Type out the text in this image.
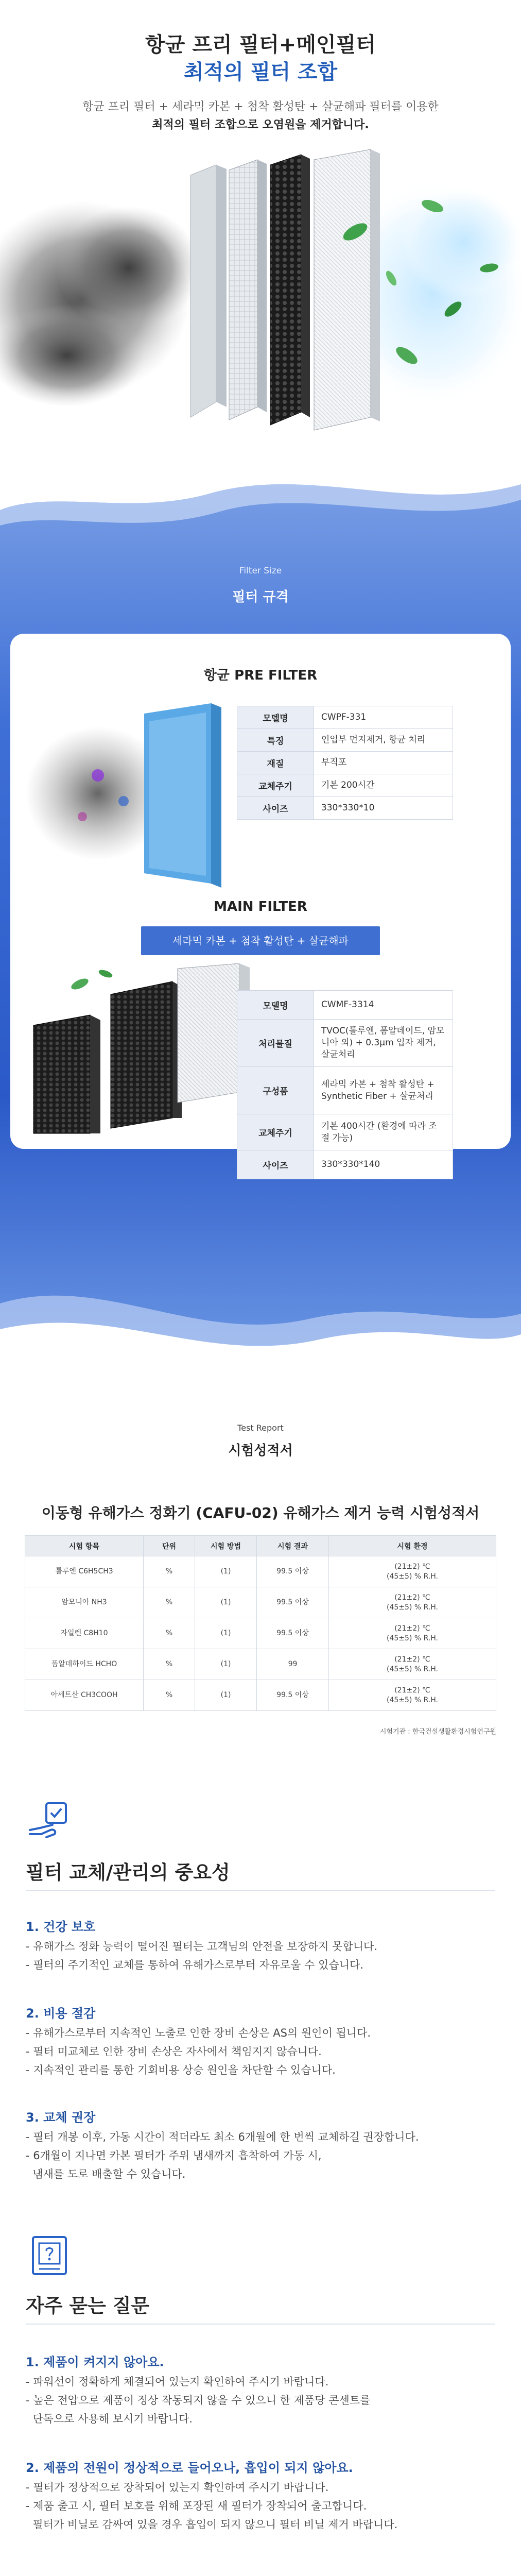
항균 프리 필터+메인필터
최적의 필터 조합
항균 프리 필터 + 세라믹 카본 + 첨착 활성탄 + 살균해파 필터를 이용한
최적의 필터 조합으로 오염원을 제거합니다.
Filter Size
필터 규격
항균 PRE FILTER
모델명	CWPF-331
특징	인입부 먼지제거, 항균 처리
재질	부직포
교체주기	기본 200시간
사이즈	330*330*10
MAIN FILTER
세라믹 카본 + 첨착 활성탄 + 살균해파
모델명	CWMF-3314
처리물질	TVOC(톨루엔, 폼알데이드, 암모니아 외) + 0.3μm 입자 제거, 살균처리
구성품	세라믹 카본 + 첨착 활성탄 + Synthetic Fiber + 살균처리
교체주기	기본 400시간 (환경에 따라 조절 가능)
사이즈	330*330*140
Test Report
시험성적서
이동형 유해가스 정화기 (CAFU-02) 유해가스 제거 능력 시험성적서
시험 항목	단위	시험 방법	시험 결과	시험 환경
톨루엔 C6H5CH3	%	(1)	99.5 이상	(21±2) ℃
(45±5) % R.H.
암모니아 NH3	%	(1)	99.5 이상	(21±2) ℃
(45±5) % R.H.
자일렌 C8H10	%	(1)	99.5 이상	(21±2) ℃
(45±5) % R.H.
폼알데하이드 HCHO	%	(1)	99	(21±2) ℃
(45±5) % R.H.
아세트산 CH3COOH	%	(1)	99.5 이상	(21±2) ℃
(45±5) % R.H.
시험기관 : 한국건설생활환경시험연구원
필터 교체/관리의 중요성
1. 건강 보호
- 유해가스 정화 능력이 떨어진 필터는 고객님의 안전을 보장하지 못합니다.
- 필터의 주기적인 교체를 통하여 유해가스로부터 자유로울 수 있습니다.
2. 비용 절감
- 유해가스로부터 지속적인 노출로 인한 장비 손상은 AS의 원인이 됩니다.
- 필터 미교체로 인한 장비 손상은 자사에서 책임지지 않습니다.
- 지속적인 관리를 통한 기회비용 상승 원인을 차단할 수 있습니다.
3. 교체 권장
- 필터 개봉 이후, 가동 시간이 적더라도 최소 6개월에 한 번씩 교체하길 권장합니다.
- 6개월이 지나면 카본 필터가 주위 냄새까지 흡착하여 가동 시,
냄새를 도로 배출할 수 있습니다.
자주 묻는 질문
1. 제품이 켜지지 않아요.
- 파워선이 정확하게 체결되어 있는지 확인하여 주시기 바랍니다.
- 높은 전압으로 제품이 정상 작동되지 않을 수 있으니 한 제품당 콘센트를
단독으로 사용해 보시기 바랍니다.
2. 제품의 전원이 정상적으로 들어오나, 흡입이 되지 않아요.
- 필터가 정상적으로 장착되어 있는지 확인하여 주시기 바랍니다.
- 제품 출고 시, 필터 보호를 위해 포장된 새 필터가 장착되어 출고합니다.
필터가 비닐로 감싸여 있을 경우 흡입이 되지 않으니 필터 비닐 제거 바랍니다.
